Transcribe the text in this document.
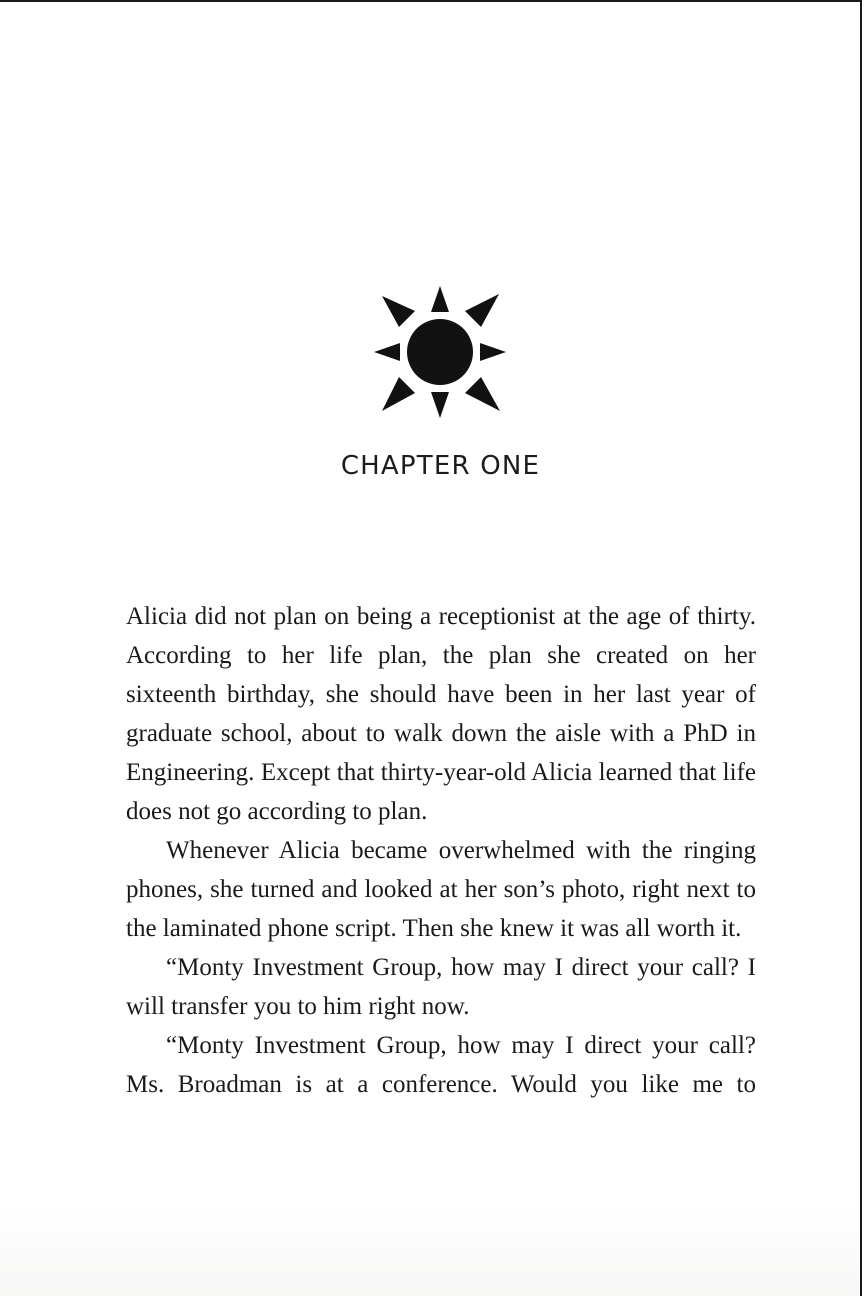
CHAPTER ONE

Alicia did not plan on being a receptionist at the age of thirty. According to her life plan, the plan she created on her sixteenth birthday, she should have been in her last year of graduate school, about to walk down the aisle with a PhD in Engineering. Except that thirty-year-old Alicia learned that life does not go according to plan.

Whenever Alicia became overwhelmed with the ringing phones, she turned and looked at her son’s photo, right next to the laminated phone script. Then she knew it was all worth it.

“Monty Investment Group, how may I direct your call? I will transfer you to him right now.

“Monty Investment Group, how may I direct your call? Ms. Broadman is at a conference. Would you like me to
